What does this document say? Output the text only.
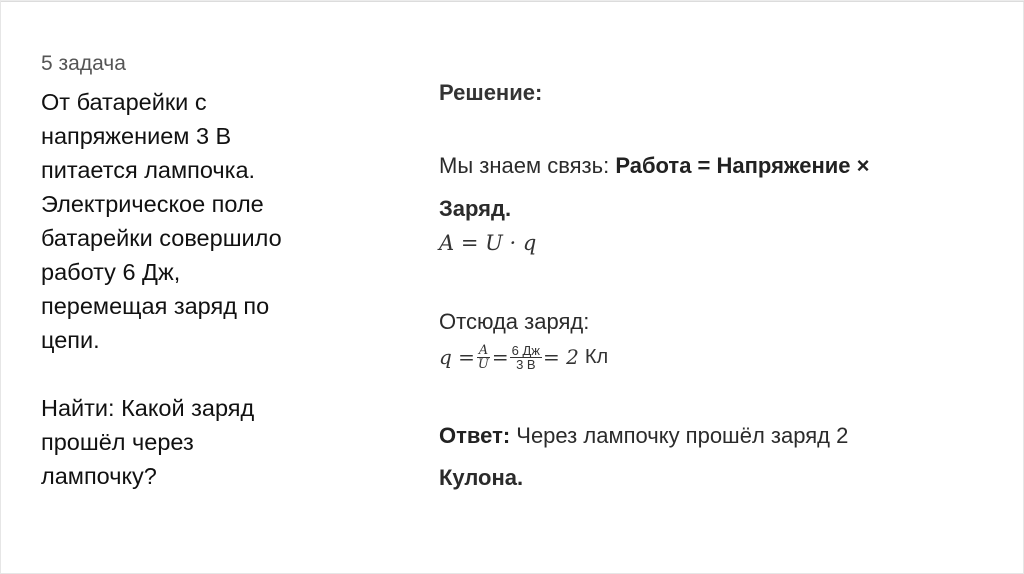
5 задача

От батарейки с

напряжением 3 В

питается лампочка.

Электрическое поле

батарейки совершило

работу 6 Дж,

перемещая заряд по

цепи.

Найти: Какой заряд

прошёл через

лампочку?

Решение:
Мы знаем связь: Работа = Напряжение ×
Заряд.
A = U · q
Отсюда заряд:
$q = \frac{A}{U} = \frac{6 Дж}{3 В} = 2$ Кл
Ответ: Через лампочку прошёл заряд 2
Кулона.
